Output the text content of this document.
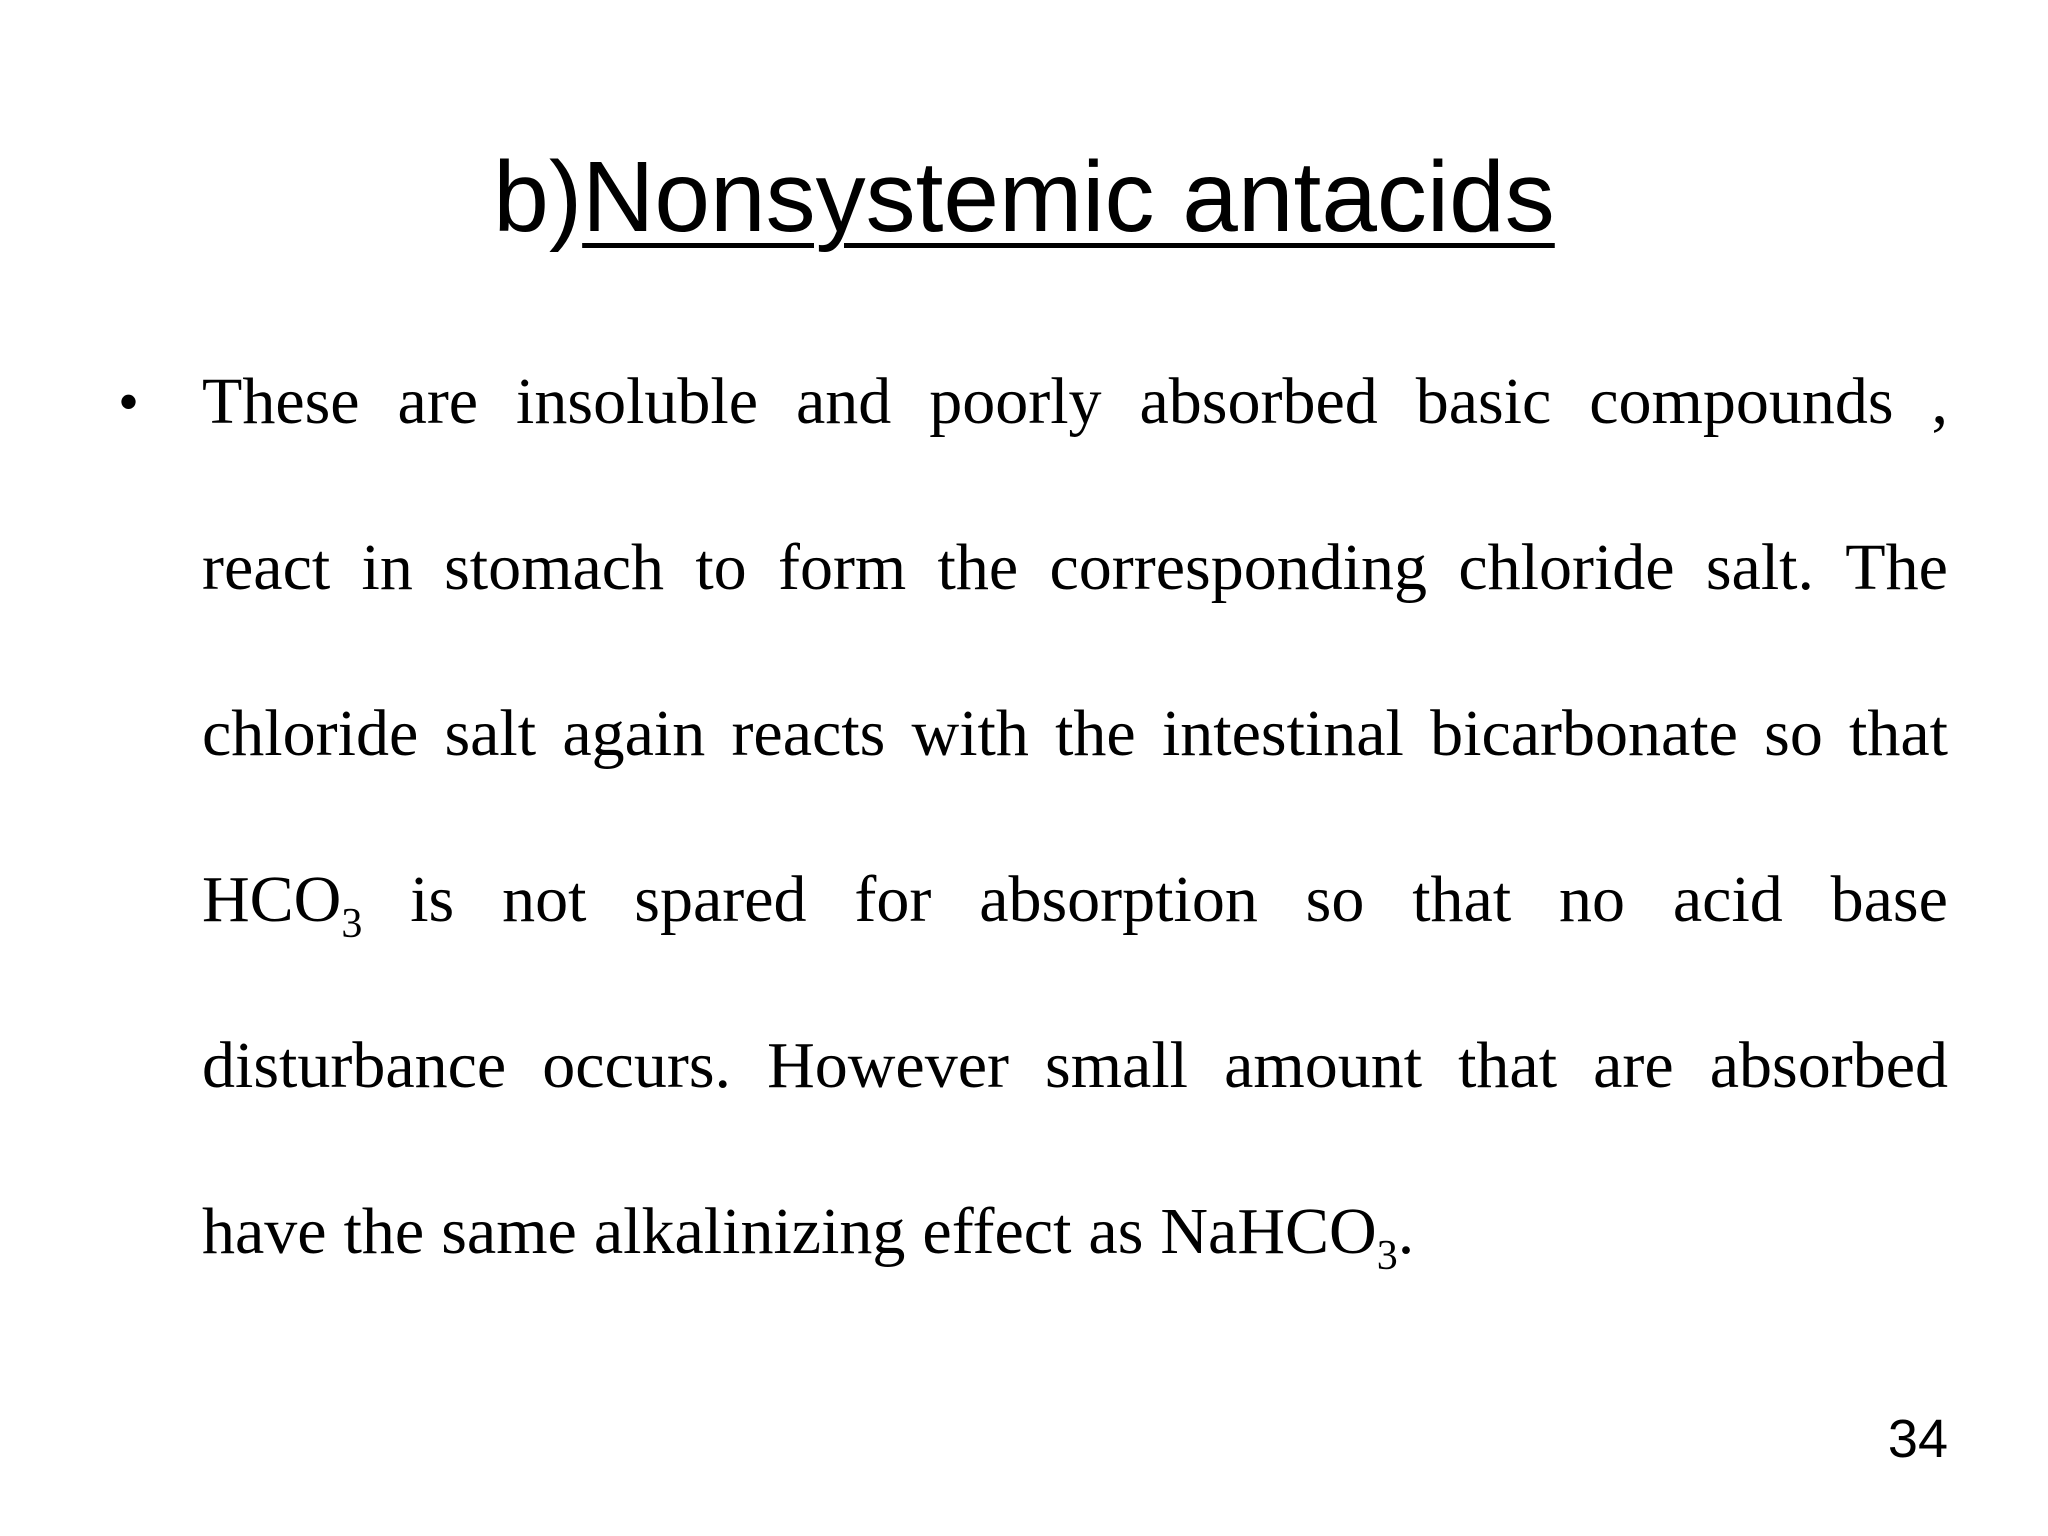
b)Nonsystemic antacids
• These are insoluble and poorly absorbed basic compounds ,
react in stomach to form the corresponding chloride salt. The
chloride salt again reacts with the intestinal bicarbonate so that
$HCO_3$ is not spared for absorption so that no acid base
disturbance occurs. However small amount that are absorbed
have the same alkalinizing effect as NaHCO$_3$.
34
